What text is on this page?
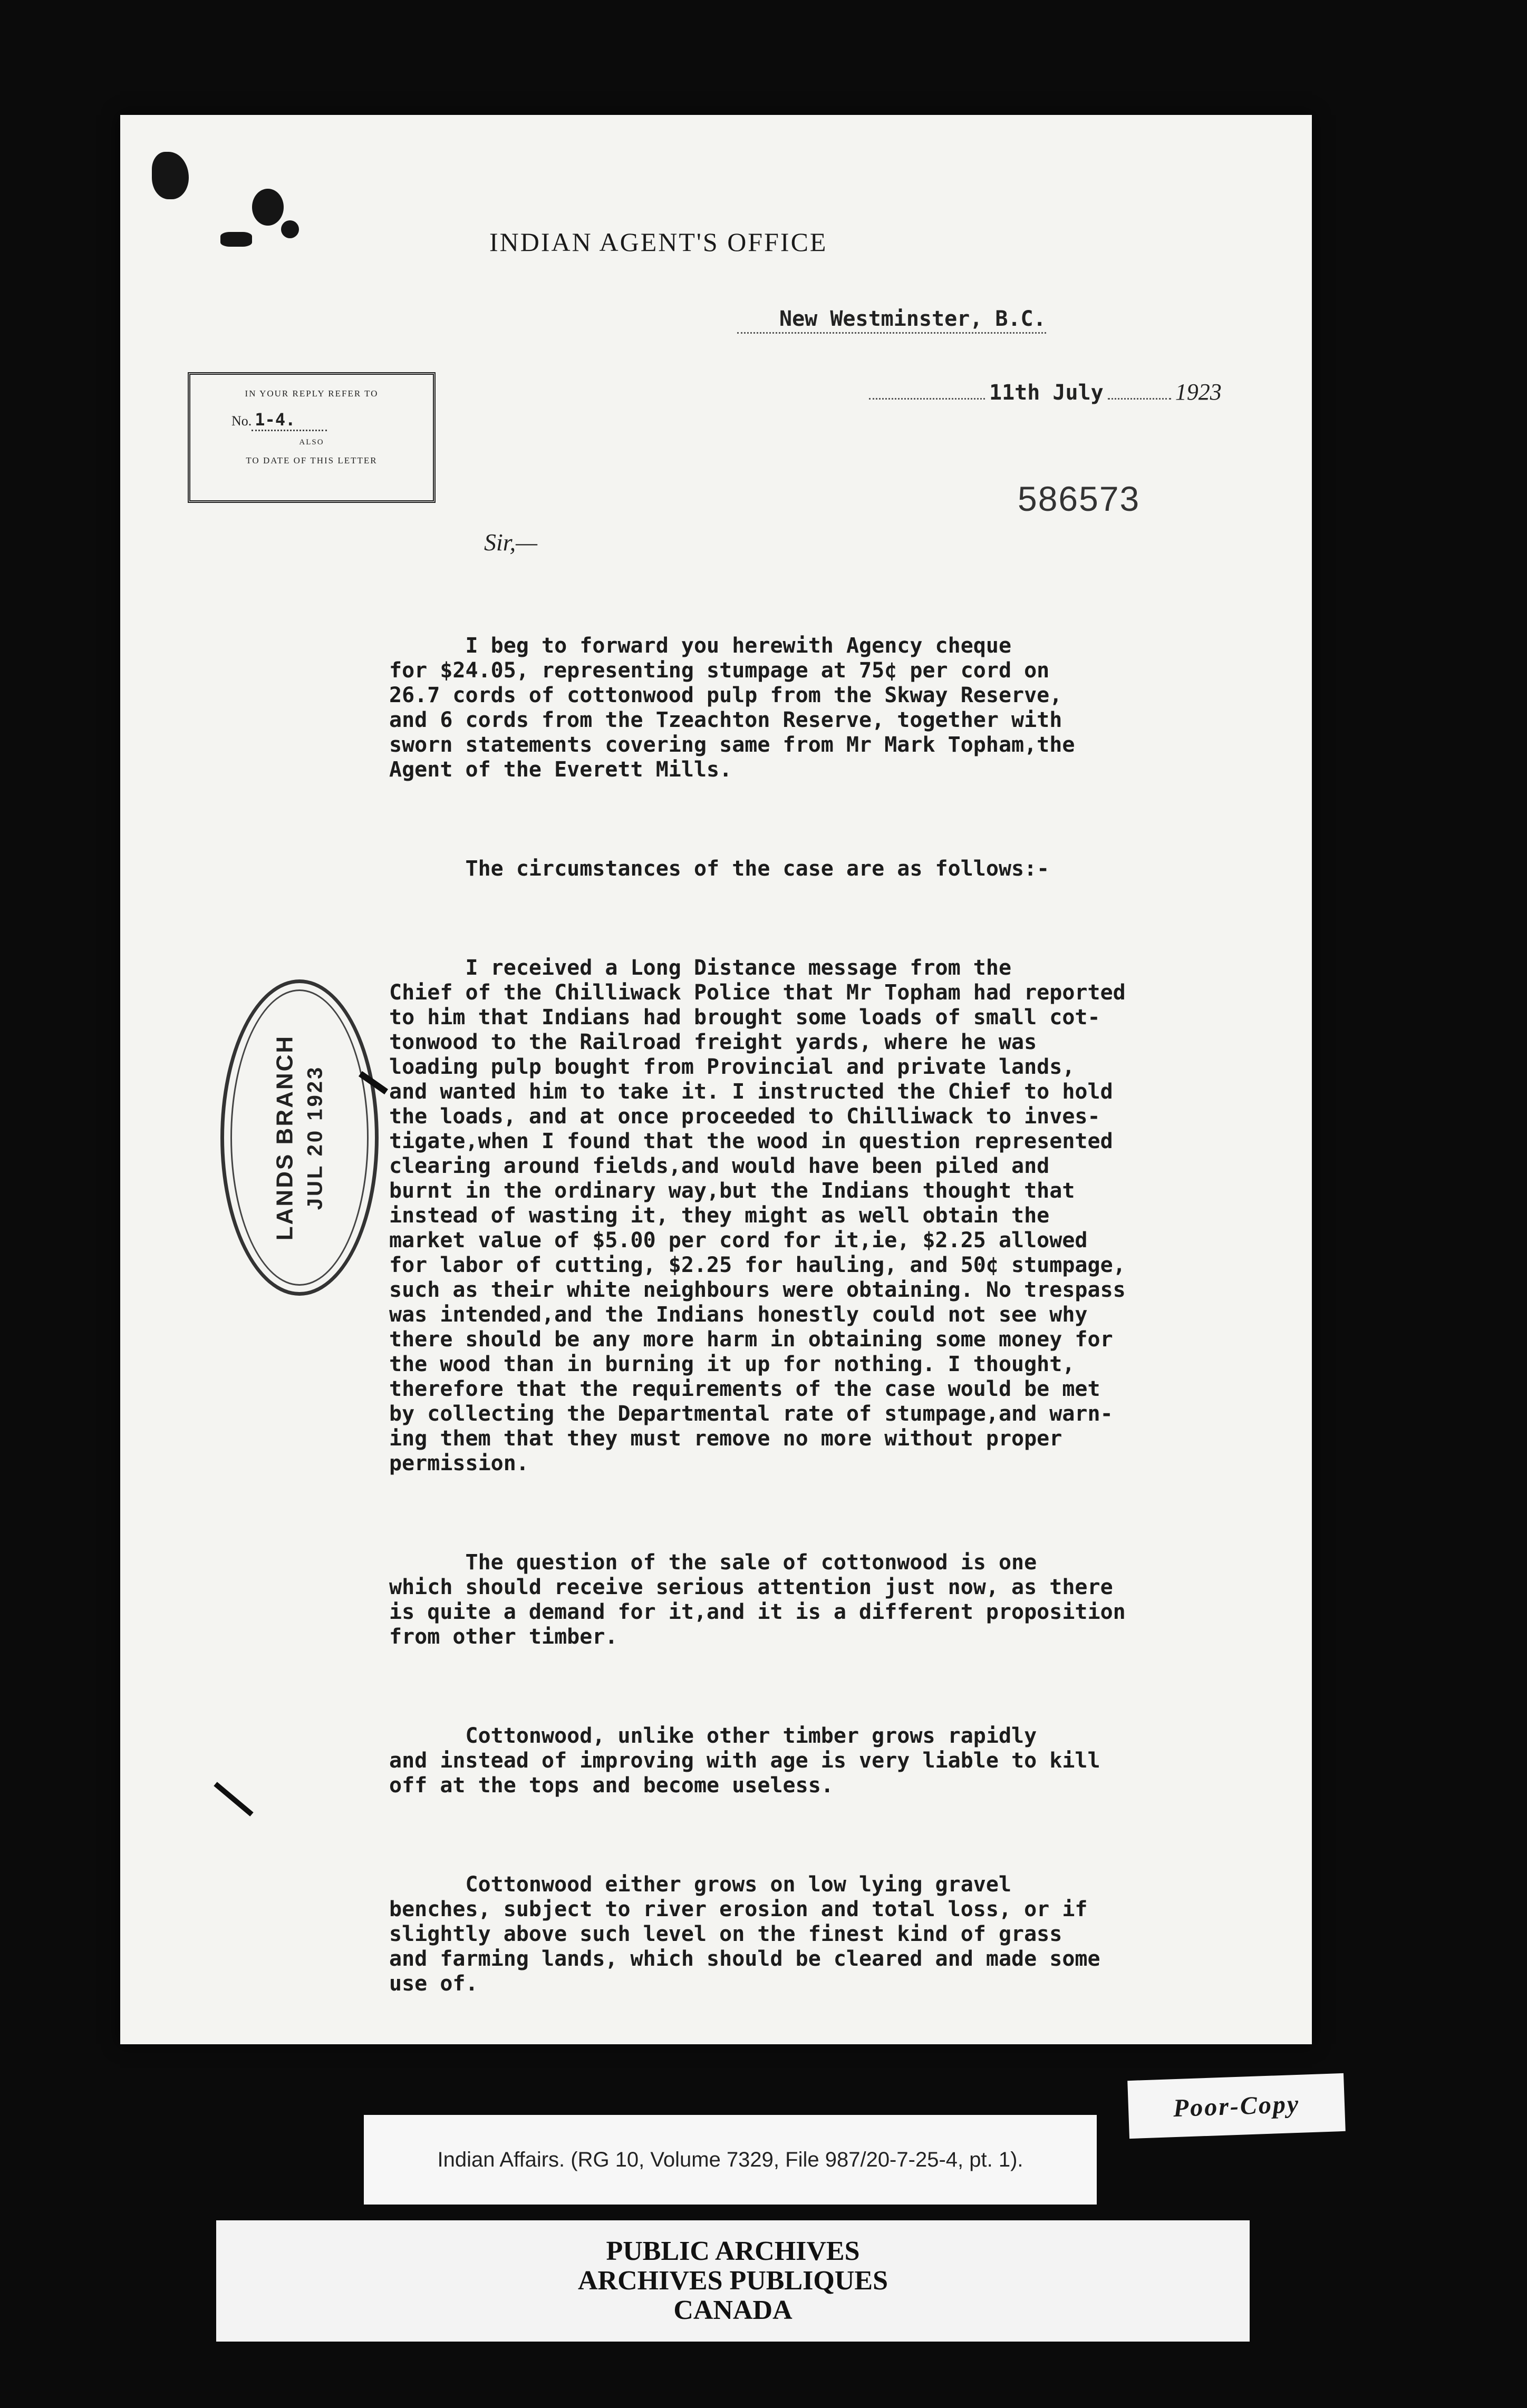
INDIAN AGENT'S OFFICE
New Westminster, B.C.
11th July	1923
IN YOUR REPLY REFER TO
No. 1-4.
ALSO
TO DATE OF THIS LETTER
586573
Sir,—
LANDS BRANCH JUL 20 1923

I beg to forward you herewith Agency cheque
for $24.05, representing stumpage at 75¢ per cord on
26.7 cords of cottonwood pulp from the Skway Reserve,
and 6 cords from the Tzeachton Reserve, together with
sworn statements covering same from Mr Mark Topham,the
Agent of the Everett Mills.

The circumstances of the case are as follows:-

I received a Long Distance message from the
Chief of the Chilliwack Police that Mr Topham had reported
to him that Indians had brought some loads of small cot-
tonwood to the Railroad freight yards, where he was
loading pulp bought from Provincial and private lands,
and wanted him to take it. I instructed the Chief to hold
the loads, and at once proceeded to Chilliwack to inves-
tigate,when I found that the wood in question represented
clearing around fields,and would have been piled and
burnt in the ordinary way,but the Indians thought that
instead of wasting it, they might as well obtain the
market value of $5.00 per cord for it,ie, $2.25 allowed
for labor of cutting, $2.25 for hauling, and 50¢ stumpage,
such as their white neighbours were obtaining. No trespass
was intended,and the Indians honestly could not see why
there should be any more harm in obtaining some money for
the wood than in burning it up for nothing. I thought,
therefore that the requirements of the case would be met
by collecting the Departmental rate of stumpage,and warn-
ing them that they must remove no more without proper
permission.

The question of the sale of cottonwood is one
which should receive serious attention just now, as there
is quite a demand for it,and it is a different proposition
from other timber.

Cottonwood, unlike other timber grows rapidly
and instead of improving with age is very liable to kill
off at the tops and become useless.

Cottonwood either grows on low lying gravel
benches, subject to river erosion and total loss, or if
slightly above such level on the finest kind of grass
and farming lands, which should be cleared and made some
use of.

Poor-Copy
Indian Affairs. (RG 10, Volume 7329, File 987/20-7-25-4, pt. 1).
PUBLIC ARCHIVES
ARCHIVES PUBLIQUES
CANADA
